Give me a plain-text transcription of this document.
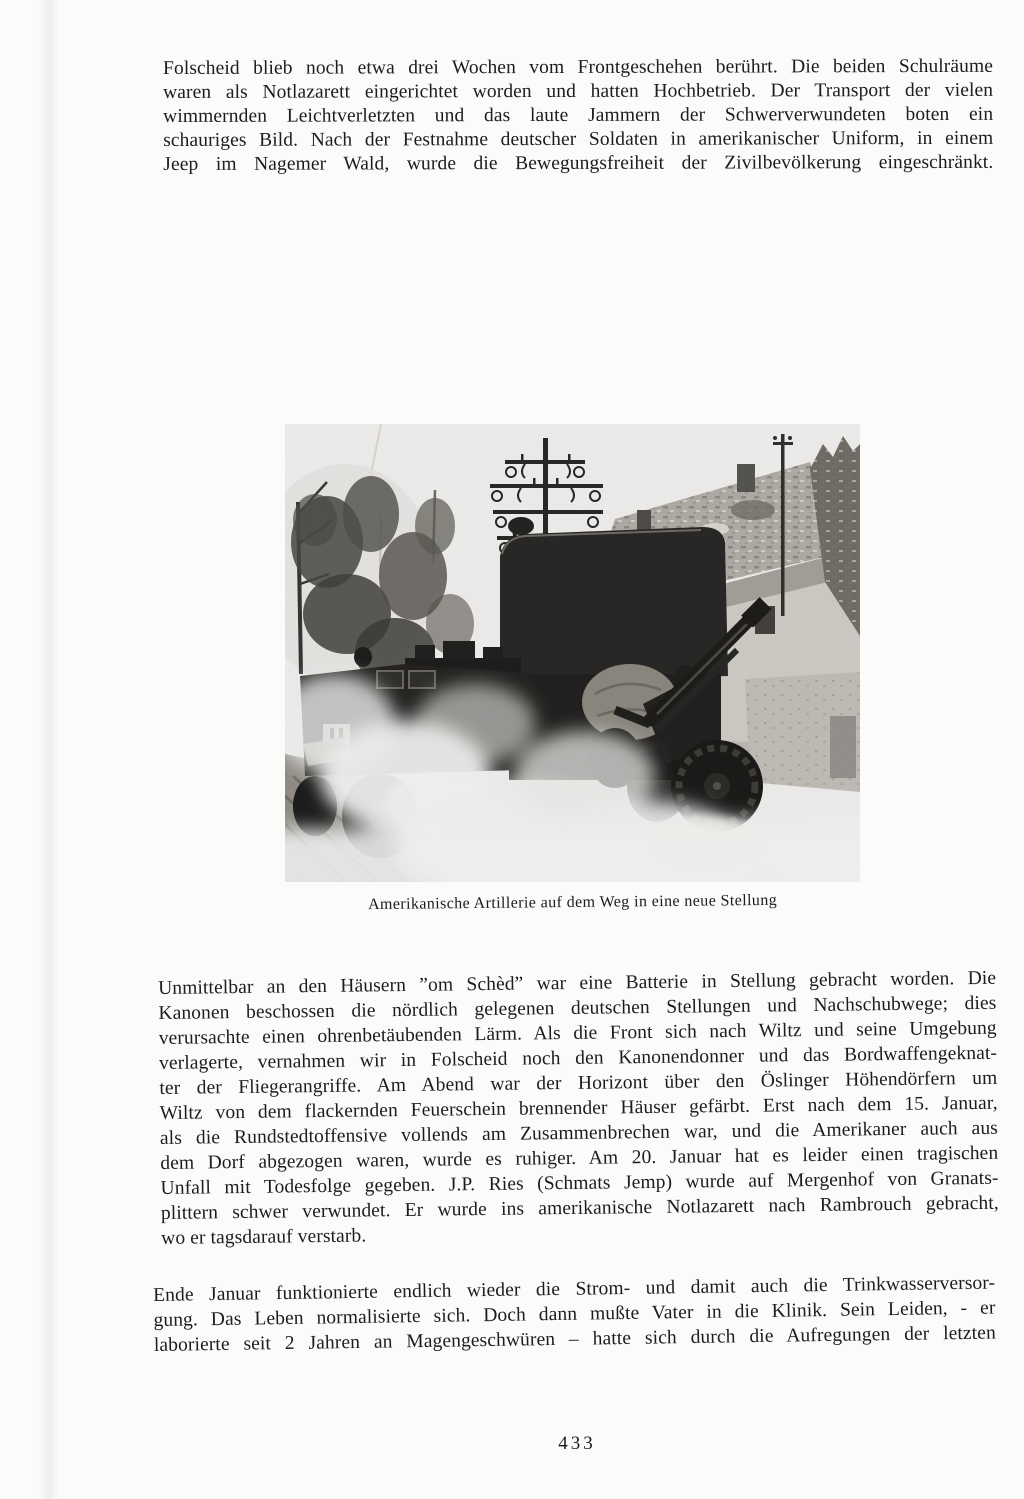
Folscheid blieb noch etwa drei Wochen vom Frontgeschehen berührt. Die beiden Schulräume
waren als Notlazarett eingerichtet worden und hatten Hochbetrieb. Der Transport der vielen
wimmernden Leichtverletzten und das laute Jammern der Schwerverwundeten boten ein
schauriges Bild. Nach der Festnahme deutscher Soldaten in amerikanischer Uniform, in einem
Jeep im Nagemer Wald, wurde die Bewegungsfreiheit der Zivilbevölkerung eingeschränkt.
Amerikanische Artillerie auf dem Weg in eine neue Stellung
Unmittelbar an den Häusern ”om Schèd” war eine Batterie in Stellung gebracht worden. Die
Kanonen beschossen die nördlich gelegenen deutschen Stellungen und Nachschubwege; dies
verursachte einen ohrenbetäubenden Lärm. Als die Front sich nach Wiltz und seine Umgebung
verlagerte, vernahmen wir in Folscheid noch den Kanonendonner und das Bordwaffengeknat-
ter der Fliegerangriffe. Am Abend war der Horizont über den Öslinger Höhendörfern um
Wiltz von dem flackernden Feuerschein brennender Häuser gefärbt. Erst nach dem 15. Januar,
als die Rundstedtoffensive vollends am Zusammenbrechen war, und die Amerikaner auch aus
dem Dorf abgezogen waren, wurde es ruhiger. Am 20. Januar hat es leider einen tragischen
Unfall mit Todesfolge gegeben. J.P. Ries (Schmats Jemp) wurde auf Mergenhof von Granats-
plittern schwer verwundet. Er wurde ins amerikanische Notlazarett nach Rambrouch gebracht,
wo er tagsdarauf verstarb.
Ende Januar funktionierte endlich wieder die Strom- und damit auch die Trinkwasserversor-
gung. Das Leben normalisierte sich. Doch dann mußte Vater in die Klinik. Sein Leiden, - er
laborierte seit 2 Jahren an Magengeschwüren – hatte sich durch die Aufregungen der letzten
433
